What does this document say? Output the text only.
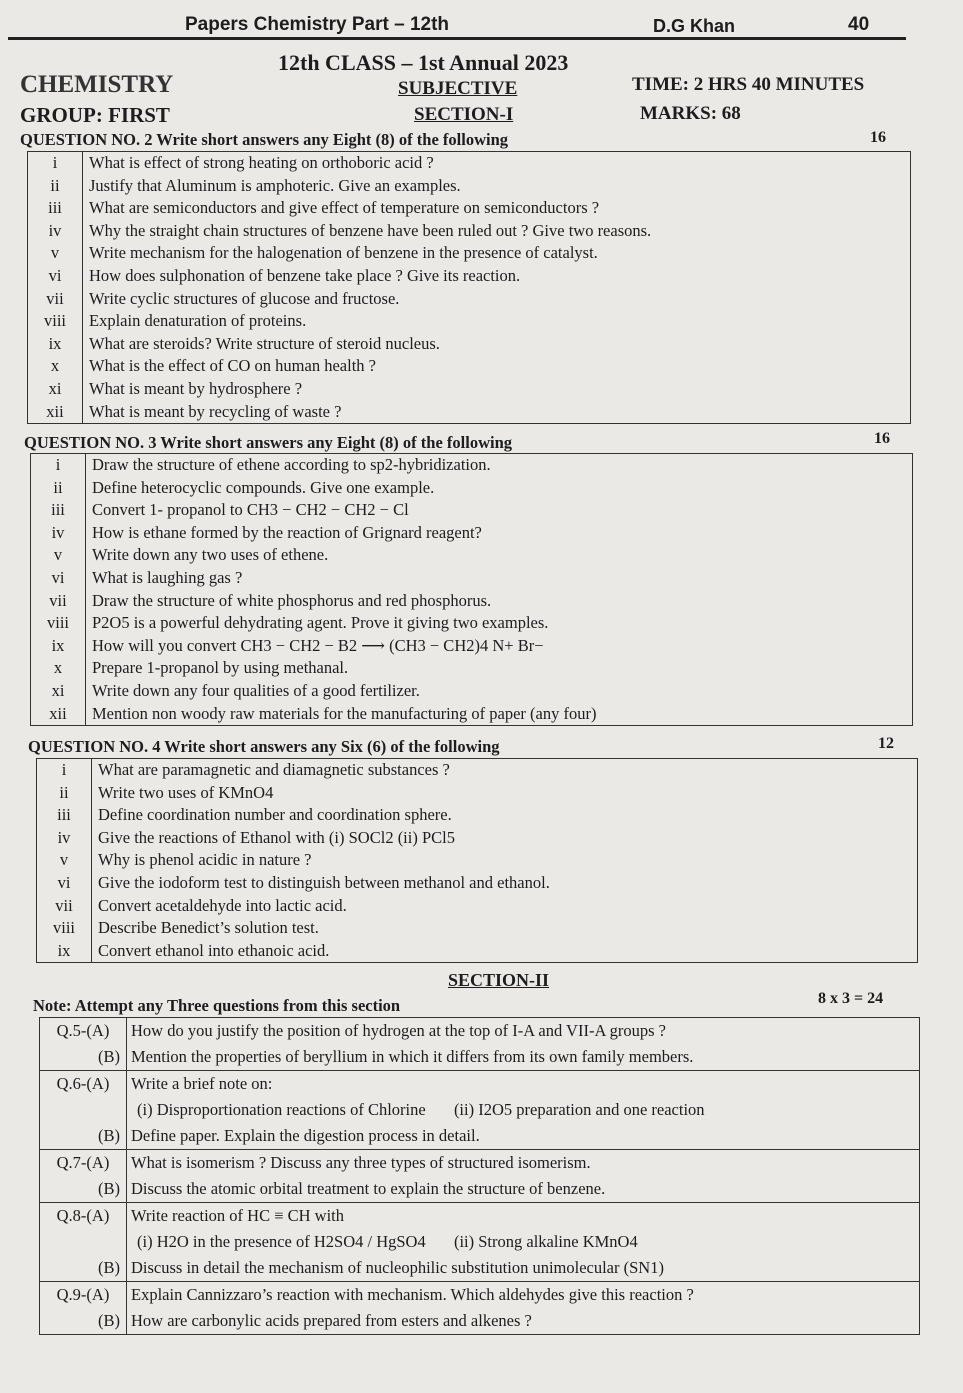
Papers Chemistry Part – 12th	D.G Khan	40
12th CLASS – 1st Annual 2023
CHEMISTRY	SUBJECTIVE	TIME: 2 HRS 40 MINUTES
GROUP: FIRST	SECTION-I	MARKS: 68
QUESTION NO. 2 Write short answers any Eight (8) of the following	16
i	What is effect of strong heating on orthoboric acid ?
ii	Justify that Aluminum is amphoteric. Give an examples.
iii	What are semiconductors and give effect of temperature on semiconductors ?
iv	Why the straight chain structures of benzene have been ruled out ? Give two reasons.
v	Write mechanism for the halogenation of benzene in the presence of catalyst.
vi	How does sulphonation of benzene take place ? Give its reaction.
vii	Write cyclic structures of glucose and fructose.
viii	Explain denaturation of proteins.
ix	What are steroids? Write structure of steroid nucleus.
x	What is the effect of CO on human health ?
xi	What is meant by hydrosphere ?
xii	What is meant by recycling of waste ?
QUESTION NO. 3 Write short answers any Eight (8) of the following	16
i	Draw the structure of ethene according to sp2-hybridization.
ii	Define heterocyclic compounds. Give one example.
iii	Convert 1- propanol to CH3 − CH2 − CH2 − Cl
iv	How is ethane formed by the reaction of Grignard reagent?
v	Write down any two uses of ethene.
vi	What is laughing gas ?
vii	Draw the structure of white phosphorus and red phosphorus.
viii	P2O5 is a powerful dehydrating agent. Prove it giving two examples.
ix	How will you convert CH3 − CH2 − B2 ⟶ (CH3 − CH2)4 N+ Br−
x	Prepare 1-propanol by using methanal.
xi	Write down any four qualities of a good fertilizer.
xii	Mention non woody raw materials for the manufacturing of paper (any four)
QUESTION NO. 4 Write short answers any Six (6) of the following	12
i	What are paramagnetic and diamagnetic substances ?
ii	Write two uses of KMnO4
iii	Define coordination number and coordination sphere.
iv	Give the reactions of Ethanol with (i) SOCl2 (ii) PCl5
v	Why is phenol acidic in nature ?
vi	Give the iodoform test to distinguish between methanol and ethanol.
vii	Convert acetaldehyde into lactic acid.
viii	Describe Benedict’s solution test.
ix	Convert ethanol into ethanoic acid.
SECTION-II
Note: Attempt any Three questions from this section	8 x 3 = 24
Q.5-(A)	How do you justify the position of hydrogen at the top of I-A and VII-A groups ?

(B)	Mention the properties of beryllium in which it differs from its own family members.

Q.6-(A)	Write a brief note on:
	(i) Disproportionation reactions of Chlorine (ii) I2O5 preparation and one reaction

(B)	Define paper. Explain the digestion process in detail.

Q.7-(A)	What is isomerism ? Discuss any three types of structured isomerism.

(B)	Discuss the atomic orbital treatment to explain the structure of benzene.

Q.8-(A)	Write reaction of HC ≡ CH with
	(i) H2O in the presence of H2SO4 / HgSO4 (ii) Strong alkaline KMnO4

(B)	Discuss in detail the mechanism of nucleophilic substitution unimolecular (SN1)

Q.9-(A)	Explain Cannizzaro’s reaction with mechanism. Which aldehydes give this reaction ?

(B)	How are carbonylic acids prepared from esters and alkenes ?
